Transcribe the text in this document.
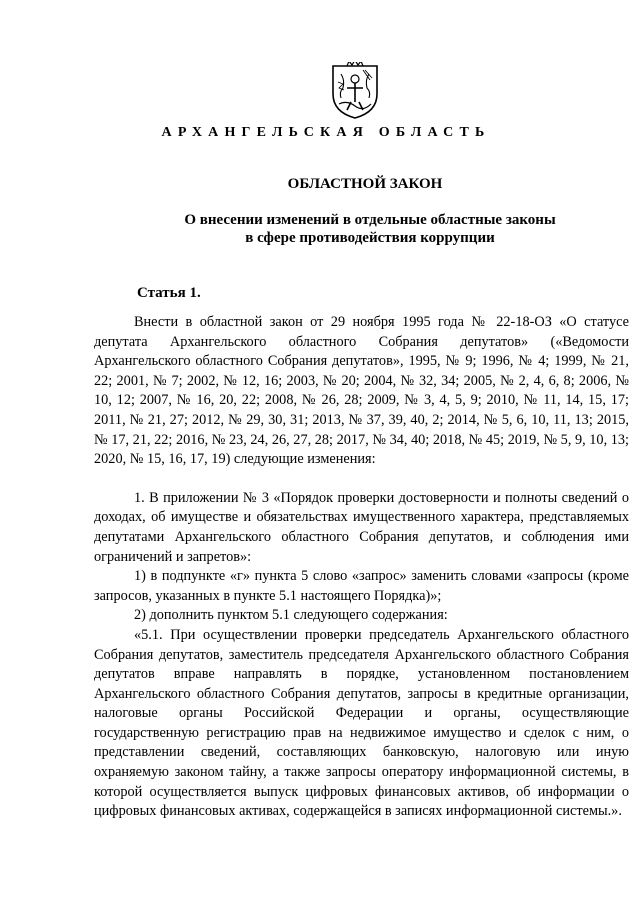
АРХАНГЕЛЬСКАЯ ОБЛАСТЬ
ОБЛАСТНОЙ ЗАКОН
О внесении изменений в отдельные областные законы
в сфере противодействия коррупции
Статья 1.

Внести в областной закон от 29 ноября 1995 года № 22-18-ОЗ «О статусе депутата Архангельского областного Собрания депутатов» («Ведомости Архангельского областного Собрания депутатов», 1995, № 9; 1996, № 4; 1999, № 21, 22; 2001, № 7; 2002, № 12, 16; 2003, № 20; 2004, № 32, 34; 2005, № 2, 4, 6, 8; 2006, № 10, 12; 2007, № 16, 20, 22; 2008, № 26, 28; 2009, № 3, 4, 5, 9; 2010, № 11, 14, 15, 17; 2011, № 21, 27; 2012, № 29, 30, 31; 2013, № 37, 39, 40, 2; 2014, № 5, 6, 10, 11, 13; 2015, № 17, 21, 22; 2016, № 23, 24, 26, 27, 28; 2017, № 34, 40; 2018, № 45; 2019, № 5, 9, 10, 13; 2020, № 15, 16, 17, 19) следующие изменения:

1. В приложении № 3 «Порядок проверки достоверности и полноты сведений о доходах, об имуществе и обязательствах имущественного характера, представляемых депутатами Архангельского областного Собрания депутатов, и соблюдения ими ограничений и запретов»:

1) в подпункте «г» пункта 5 слово «запрос» заменить словами «запросы (кроме запросов, указанных в пункте 5.1 настоящего Порядка)»;

2) дополнить пунктом 5.1 следующего содержания:

«5.1. При осуществлении проверки председатель Архангельского областного Собрания депутатов, заместитель председателя Архангельского областного Собрания депутатов вправе направлять в порядке, установленном постановлением Архангельского областного Собрания депутатов, запросы в кредитные организации, налоговые органы Российской Федерации и органы, осуществляющие государственную регистрацию прав на недвижимое имущество и сделок с ним, о представлении сведений, составляющих банковскую, налоговую или иную охраняемую законом тайну, а также запросы оператору информационной системы, в которой осуществляется выпуск цифровых финансовых активов, об информации о цифровых финансовых активах, содержащейся в записях информационной системы.».
